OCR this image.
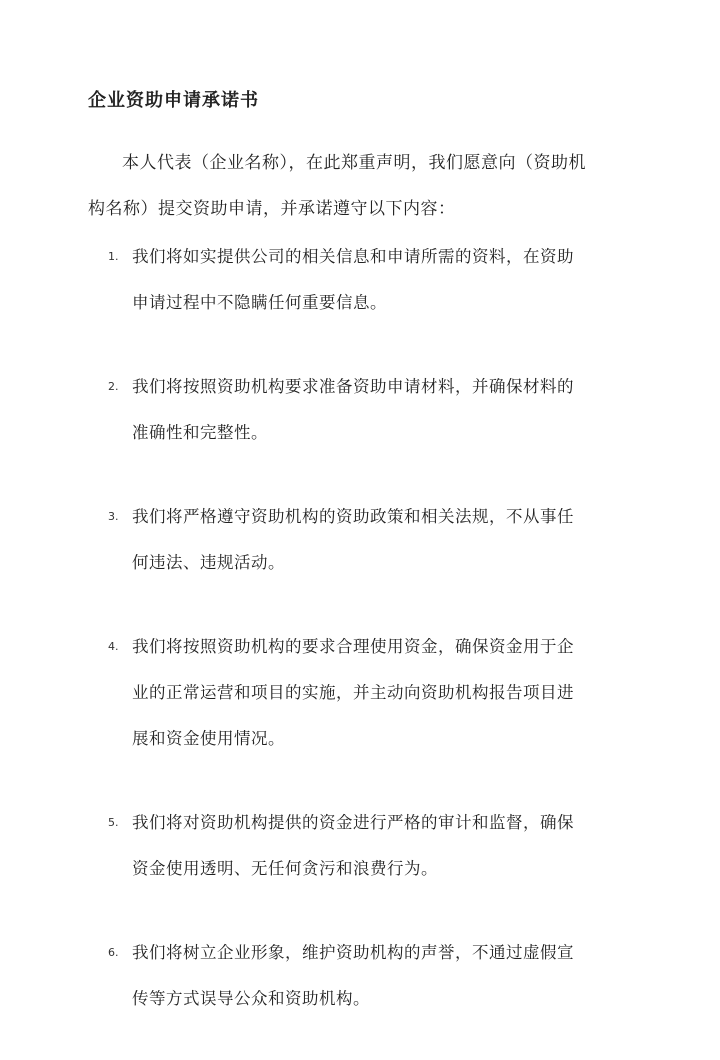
企业资助申请承诺书
本人代表（企业名称），在此郑重声明，我们愿意向（资助机
构名称）提交资助申请，并承诺遵守以下内容：
1. 我们将如实提供公司的相关信息和申请所需的资料，在资助
申请过程中不隐瞒任何重要信息。
2. 我们将按照资助机构要求准备资助申请材料，并确保材料的
准确性和完整性。
3. 我们将严格遵守资助机构的资助政策和相关法规，不从事任
何违法、违规活动。
4. 我们将按照资助机构的要求合理使用资金，确保资金用于企
业的正常运营和项目的实施，并主动向资助机构报告项目进
展和资金使用情况。
5. 我们将对资助机构提供的资金进行严格的审计和监督，确保
资金使用透明、无任何贪污和浪费行为。
6. 我们将树立企业形象，维护资助机构的声誉，不通过虚假宣
传等方式误导公众和资助机构。
